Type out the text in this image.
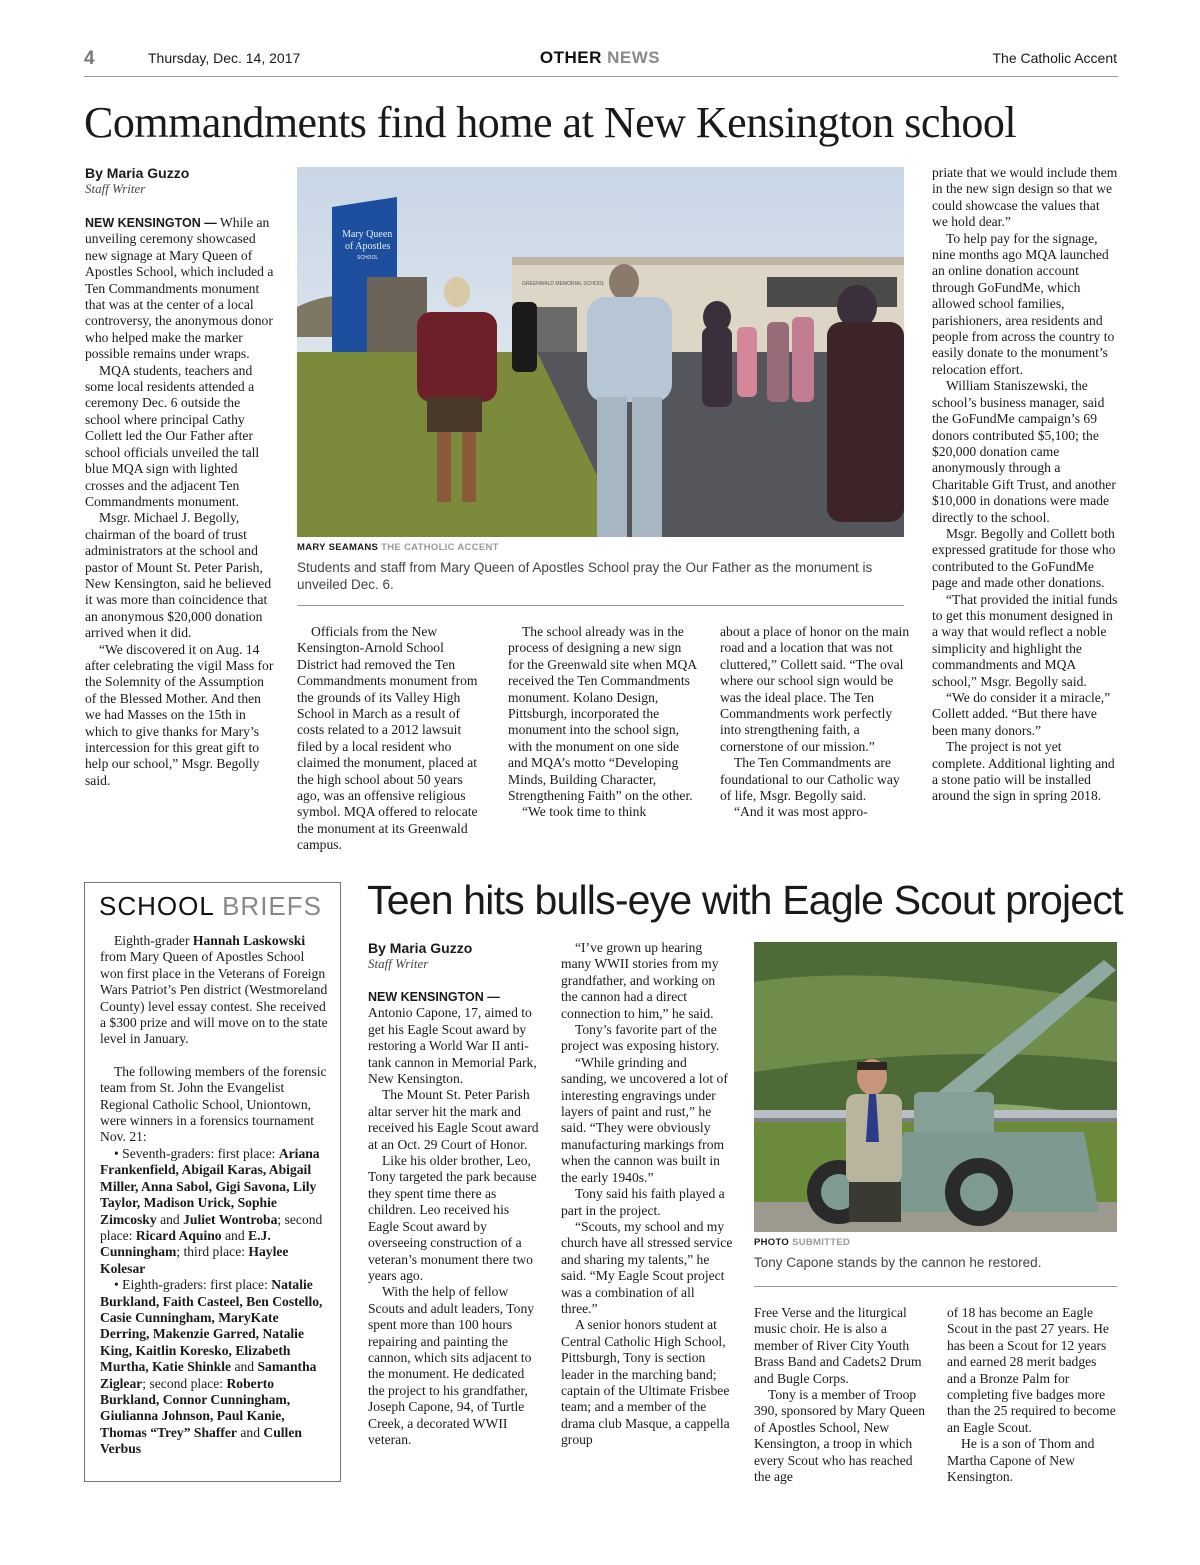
4	Thursday, Dec. 14, 2017	OTHER NEWS	The Catholic Accent
Commandments find home at New Kensington school
By Maria Guzzo
Staff Writer

NEW KENSINGTON — While an unveiling ceremony showcased new signage at Mary Queen of Apostles School, which included a Ten Commandments monument that was at the center of a local controversy, the anonymous donor who helped make the marker possible remains under wraps.

MQA students, teachers and some local residents attended a ceremony Dec. 6 outside the school where principal Cathy Collett led the Our Father after school officials unveiled the tall blue MQA sign with lighted crosses and the adjacent Ten Commandments monument.

Msgr. Michael J. Begolly, chairman of the board of trust administrators at the school and pastor of Mount St. Peter Parish, New Kensington, said he believed it was more than coincidence that an anonymous $20,000 donation arrived when it did.

“We discovered it on Aug. 14 after celebrating the vigil Mass for the Solemnity of the Assumption of the Blessed Mother. And then we had Masses on the 15th in which to give thanks for Mary’s intercession for this great gift to help our school,” Msgr. Begolly said.

Mary Queen
of Apostles
SCHOOL
GREENWALD MEMORIAL SCHOOL
MARY SEAMANS THE CATHOLIC ACCENT
Students and staff from Mary Queen of Apostles School pray the Our Father as the monument is unveiled Dec. 6.

Officials from the New Kensington-Arnold School District had removed the Ten Commandments monument from the grounds of its Valley High School in March as a result of costs related to a 2012 lawsuit filed by a local resident who claimed the monument, placed at the high school about 50 years ago, was an offensive religious symbol. MQA offered to relocate the monument at its Greenwald campus.

The school already was in the process of designing a new sign for the Greenwald site when MQA received the Ten Commandments monument. Kolano Design, Pittsburgh, incorporated the monument into the school sign, with the monument on one side and MQA’s motto “Developing Minds, Building Character, Strengthening Faith” on the other.

“We took time to think

about a place of honor on the main road and a location that was not cluttered,” Collett said. “The oval where our school sign would be was the ideal place. The Ten Commandments work perfectly into strengthening faith, a cornerstone of our mission.”

The Ten Commandments are foundational to our Catholic way of life, Msgr. Begolly said.

“And it was most appro-

priate that we would include them in the new sign design so that we could showcase the values that we hold dear.”

To help pay for the signage, nine months ago MQA launched an online donation account through GoFundMe, which allowed school families, parishioners, area residents and people from across the country to easily donate to the monument’s relocation effort.

William Staniszewski, the school’s business manager, said the GoFundMe campaign’s 69 donors contributed $5,100; the $20,000 donation came anonymously through a Charitable Gift Trust, and another $10,000 in donations were made directly to the school.

Msgr. Begolly and Collett both expressed gratitude for those who contributed to the GoFundMe page and made other donations.

“That provided the initial funds to get this monument designed in a way that would reflect a noble simplicity and highlight the commandments and MQA school,” Msgr. Begolly said.

“We do consider it a miracle,” Collett added. “But there have been many donors.”

The project is not yet complete. Additional lighting and a stone patio will be installed around the sign in spring 2018.

SCHOOL BRIEFS

Eighth-grader Hannah Laskowski from Mary Queen of Apostles School won first place in the Veterans of Foreign Wars Patriot’s Pen district (Westmoreland County) level essay contest. She received a $300 prize and will move on to the state level in January.

The following members of the forensic team from St. John the Evangelist Regional Catholic School, Uniontown, were winners in a forensics tournament Nov. 21:

• Seventh-graders: first place: Ariana Frankenfield, Abigail Karas, Abigail Miller, Anna Sabol, Gigi Savona, Lily Taylor, Madison Urick, Sophie Zimcosky and Juliet Wontroba; second place: Ricard Aquino and E.J. Cunningham; third place: Haylee Kolesar

• Eighth-graders: first place: Natalie Burkland, Faith Casteel, Ben Costello, Casie Cunningham, MaryKate Derring, Makenzie Garred, Natalie King, Kaitlin Koresko, Elizabeth Murtha, Katie Shinkle and Samantha Ziglear; second place: Roberto Burkland, Connor Cunningham, Giulianna Johnson, Paul Kanie, Thomas “Trey” Shaffer and Cullen Verbus

Teen hits bulls-eye with Eagle Scout project
By Maria Guzzo
Staff Writer

NEW KENSINGTON — Antonio Capone, 17, aimed to get his Eagle Scout award by restoring a World War II anti-tank cannon in Memorial Park, New Kensington.

The Mount St. Peter Parish altar server hit the mark and received his Eagle Scout award at an Oct. 29 Court of Honor.

Like his older brother, Leo, Tony targeted the park because they spent time there as children. Leo received his Eagle Scout award by overseeing construction of a veteran’s monument there two years ago.

With the help of fellow Scouts and adult leaders, Tony spent more than 100 hours repairing and painting the cannon, which sits adjacent to the monument. He dedicated the project to his grandfather, Joseph Capone, 94, of Turtle Creek, a decorated WWII veteran.

“I’ve grown up hearing many WWII stories from my grandfather, and working on the cannon had a direct connection to him,” he said.

Tony’s favorite part of the project was exposing history.

“While grinding and sanding, we uncovered a lot of interesting engravings under layers of paint and rust,” he said. “They were obviously manufacturing markings from when the cannon was built in the early 1940s.”

Tony said his faith played a part in the project.

“Scouts, my school and my church have all stressed service and sharing my talents,” he said. “My Eagle Scout project was a combination of all three.”

A senior honors student at Central Catholic High School, Pittsburgh, Tony is section leader in the marching band; captain of the Ultimate Frisbee team; and a member of the drama club Masque, a cappella group

PHOTO SUBMITTED
Tony Capone stands by the cannon he restored.

Free Verse and the liturgical music choir. He is also a member of River City Youth Brass Band and Cadets2 Drum and Bugle Corps.

Tony is a member of Troop 390, sponsored by Mary Queen of Apostles School, New Kensington, a troop in which every Scout who has reached the age

of 18 has become an Eagle Scout in the past 27 years. He has been a Scout for 12 years and earned 28 merit badges and a Bronze Palm for completing five badges more than the 25 required to become an Eagle Scout.

He is a son of Thom and Martha Capone of New Kensington.
